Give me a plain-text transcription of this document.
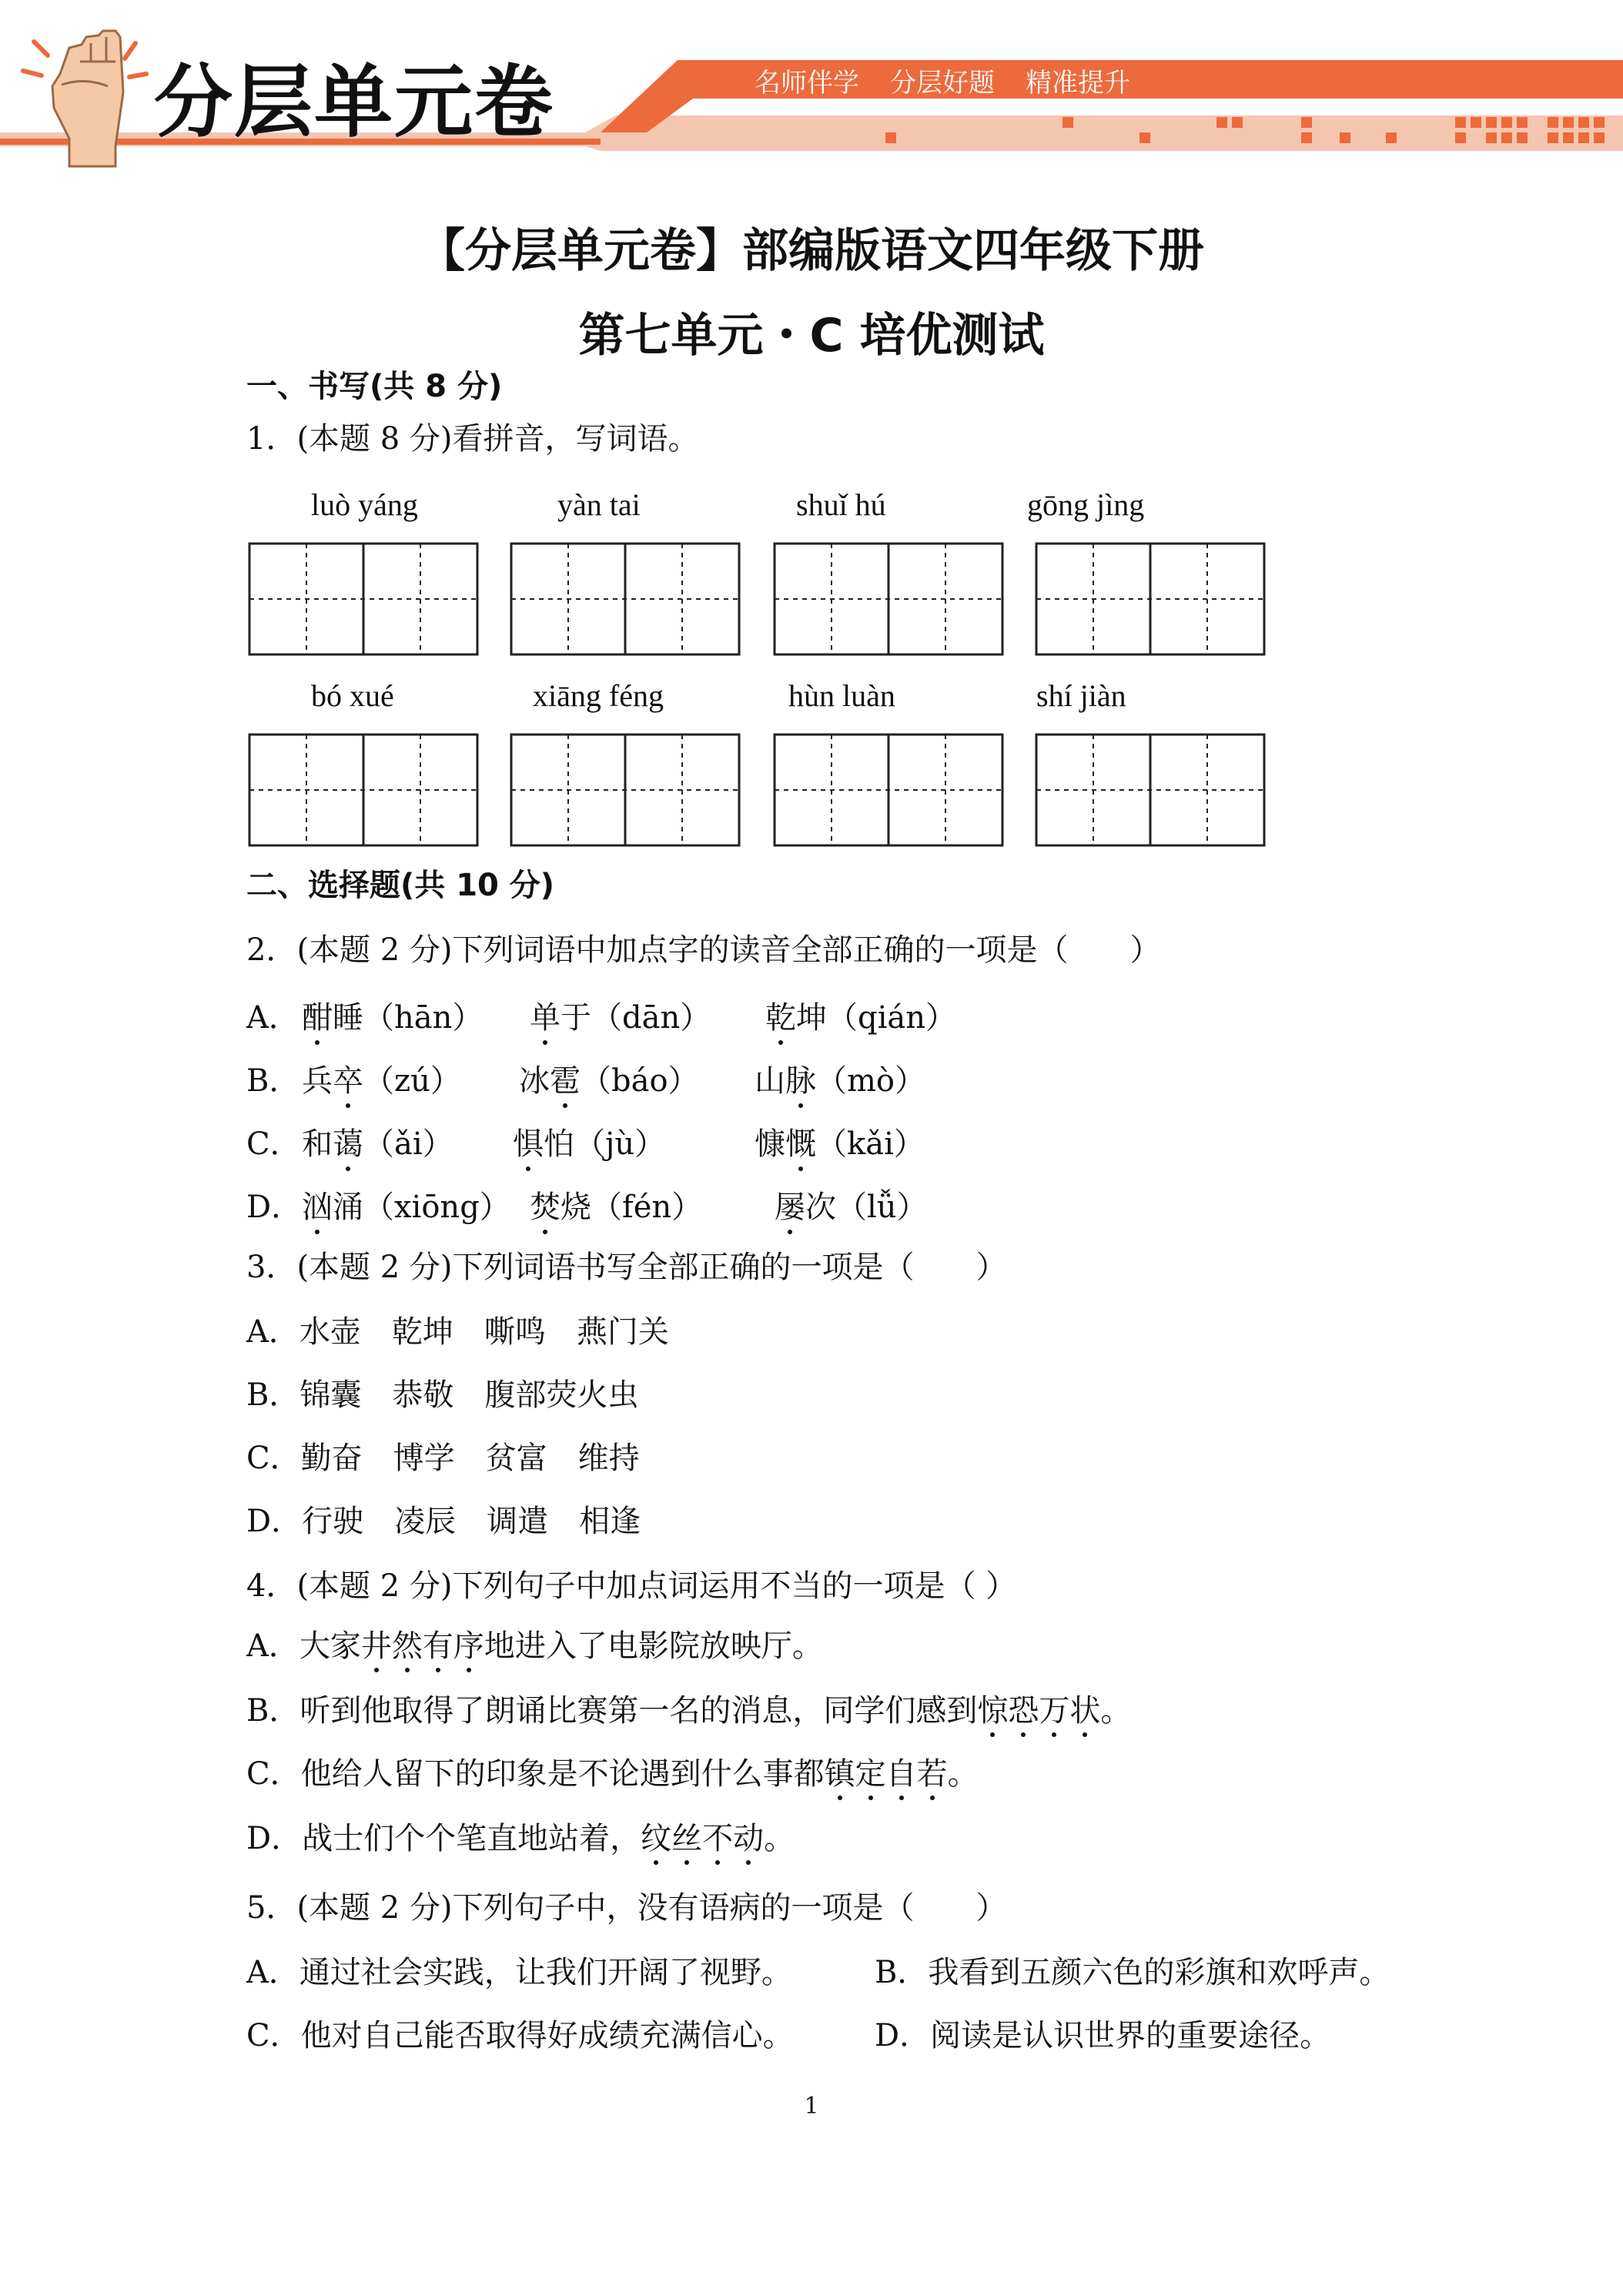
分层单元卷	名师伴学 分层好题 精准提升
【分层单元卷】部编版语文四年级下册
第七单元・C 培优测试
一、书写(共 8 分)
1．(本题 8 分)看拼音，写词语。
luò yáng	yàn tai	shuǐ hú	gōng jìng
bó xué	xiāng féng	hùn luàn	shí jiàn
二、选择题(共 10 分)
2．(本题 2 分)下列词语中加点字的读音全部正确的一项是（　　）
A． 酣睡（hān） 单于（dān） 乾坤（qián）
B． 兵卒（zú） 冰雹（báo） 山脉（mò）
C． 和蔼（ǎi） 惧怕（jù）	慷慨（kǎi）
D． 汹涌（xiōng） 焚烧（fén） 屡次（lǚ）
3．(本题 2 分)下列词语书写全部正确的一项是（　　）
A．水壶　乾坤　嘶鸣　燕门关
B．锦囊　恭敬　腹部荧火虫
C．勤奋　博学　贫富　维持
D．行驶　凌辰　调遣　相逢
4．(本题 2 分)下列句子中加点词运用不当的一项是（ ）
A．大家井然有序地进入了电影院放映厅。
B．听到他取得了朗诵比赛第一名的消息，同学们感到惊恐万状。
C．他给人留下的印象是不论遇到什么事都镇定自若。
D．战士们个个笔直地站着，纹丝不动。
5．(本题 2 分)下列句子中，没有语病的一项是（　　）
A．通过社会实践，让我们开阔了视野。	B．我看到五颜六色的彩旗和欢呼声。
C．他对自己能否取得好成绩充满信心。	D．阅读是认识世界的重要途径。
1
